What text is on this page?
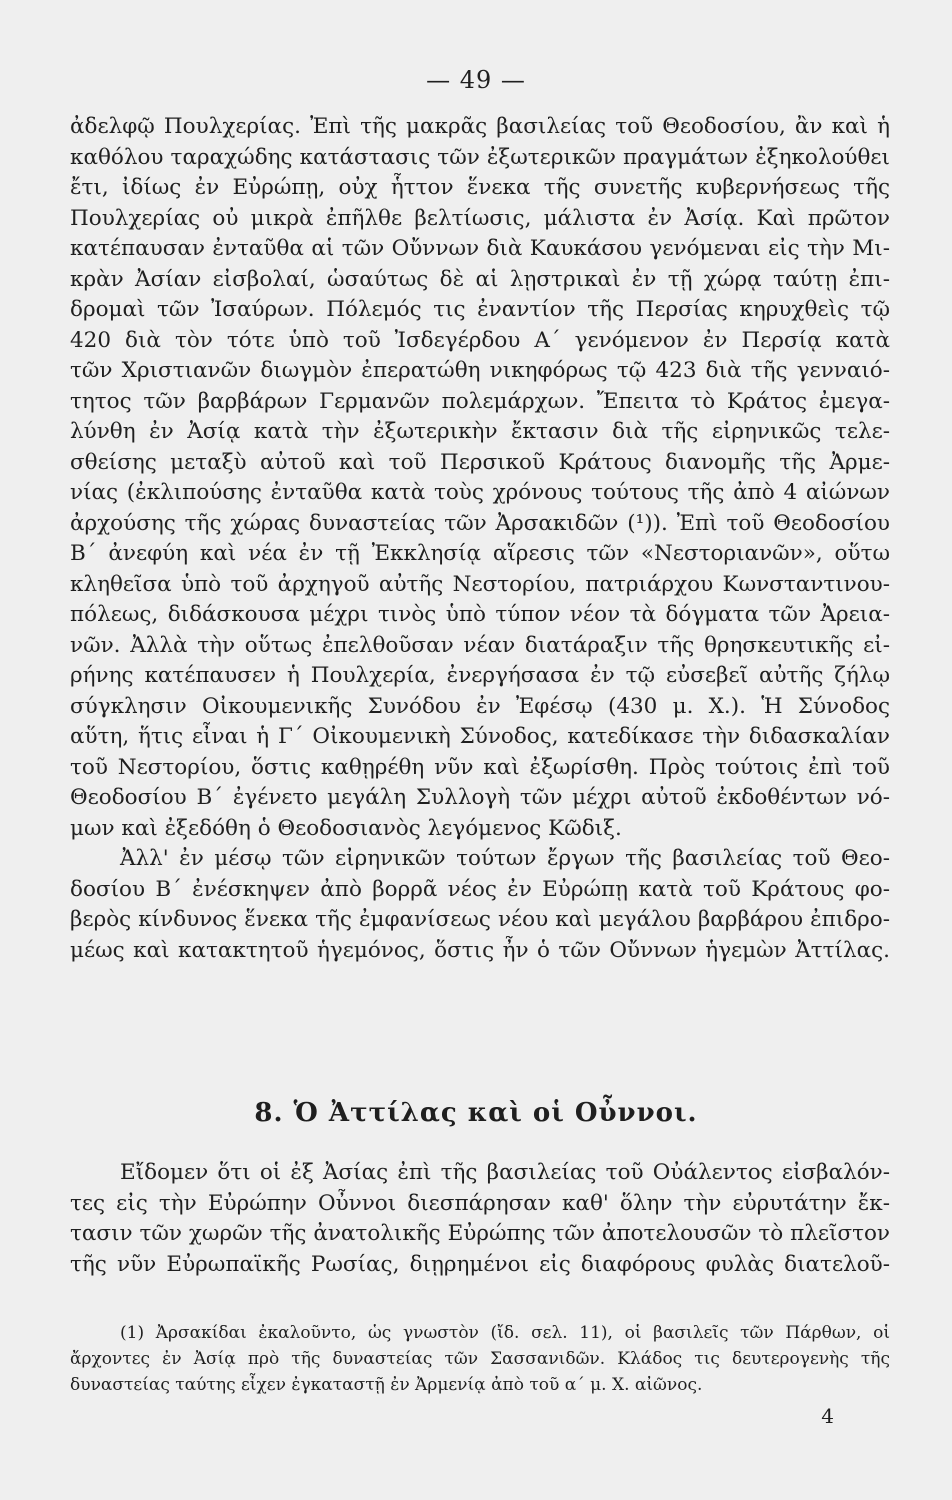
— 49 —
ἀδελφῷ Πουλχερίας. Ἐπὶ τῆς μακρᾶς βασιλείας τοῦ Θεοδοσίου, ἂν καὶ ἡ
καθόλου ταραχώδης κατάστασις τῶν ἐξωτερικῶν πραγμάτων ἐξηκολούθει
ἔτι, ἰδίως ἐν Εὐρώπῃ, οὐχ ἧττον ἕνεκα τῆς συνετῆς κυβερνήσεως τῆς
Πουλχερίας οὐ μικρὰ ἐπῆλθε βελτίωσις, μάλιστα ἐν Ἀσίᾳ. Καὶ πρῶτον
κατέπαυσαν ἐνταῦθα αἱ τῶν Οὔννων διὰ Καυκάσου γενόμεναι εἰς τὴν Μι-
κρὰν Ἀσίαν εἰσβολαί, ὡσαύτως δὲ αἱ λῃστρικαὶ ἐν τῇ χώρᾳ ταύτῃ ἐπι-
δρομαὶ τῶν Ἰσαύρων. Πόλεμός τις ἐναντίον τῆς Περσίας κηρυχθεὶς τῷ
420 διὰ τὸν τότε ὑπὸ τοῦ Ἰσδεγέρδου Α΄ γενόμενον ἐν Περσίᾳ κατὰ
τῶν Χριστιανῶν διωγμὸν ἐπερατώθη νικηφόρως τῷ 423 διὰ τῆς γενναιό-
τητος τῶν βαρβάρων Γερμανῶν πολεμάρχων. Ἔπειτα τὸ Κράτος ἐμεγα-
λύνθη ἐν Ἀσίᾳ κατὰ τὴν ἐξωτερικὴν ἔκτασιν διὰ τῆς εἰρηνικῶς τελε-
σθείσης μεταξὺ αὐτοῦ καὶ τοῦ Περσικοῦ Κράτους διανομῆς τῆς Ἀρμε-
νίας (ἐκλιπούσης ἐνταῦθα κατὰ τοὺς χρόνους τούτους τῆς ἀπὸ 4 αἰώνων
ἀρχούσης τῆς χώρας δυναστείας τῶν Ἀρσακιδῶν (¹)). Ἐπὶ τοῦ Θεοδοσίου
Β΄ ἀνεφύη καὶ νέα ἐν τῇ Ἐκκλησίᾳ αἵρεσις τῶν «Νεστοριανῶν», οὕτω
κληθεῖσα ὑπὸ τοῦ ἀρχηγοῦ αὐτῆς Νεστορίου, πατριάρχου Κωνσταντινου-
πόλεως, διδάσκουσα μέχρι τινὸς ὑπὸ τύπον νέον τὰ δόγματα τῶν Ἀρεια-
νῶν. Ἀλλὰ τὴν οὕτως ἐπελθοῦσαν νέαν διατάραξιν τῆς θρησκευτικῆς εἰ-
ρήνης κατέπαυσεν ἡ Πουλχερία, ἐνεργήσασα ἐν τῷ εὐσεβεῖ αὐτῆς ζήλῳ
σύγκλησιν Οἰκουμενικῆς Συνόδου ἐν Ἐφέσῳ (430 μ. Χ.). Ἡ Σύνοδος
αὕτη, ἥτις εἶναι ἡ Γ΄ Οἰκουμενικὴ Σύνοδος, κατεδίκασε τὴν διδασκαλίαν
τοῦ Νεστορίου, ὅστις καθῃρέθη νῦν καὶ ἐξωρίσθη. Πρὸς τούτοις ἐπὶ τοῦ
Θεοδοσίου Β΄ ἐγένετο μεγάλη Συλλογὴ τῶν μέχρι αὐτοῦ ἐκδοθέντων νό-
μων καὶ ἐξεδόθη ὁ Θεοδοσιανὸς λεγόμενος Κῶδιξ.
Ἀλλ' ἐν μέσῳ τῶν εἰρηνικῶν τούτων ἔργων τῆς βασιλείας τοῦ Θεο-
δοσίου Β΄ ἐνέσκηψεν ἀπὸ βορρᾶ νέος ἐν Εὐρώπῃ κατὰ τοῦ Κράτους φο-
βερὸς κίνδυνος ἕνεκα τῆς ἐμφανίσεως νέου καὶ μεγάλου βαρβάρου ἐπιδρο-
μέως καὶ κατακτητοῦ ἡγεμόνος, ὅστις ἦν ὁ τῶν Οὔννων ἡγεμὼν Ἀττίλας.
8. Ὁ Ἀττίλας καὶ οἱ Οὖννοι.
Εἴδομεν ὅτι οἱ ἐξ Ἀσίας ἐπὶ τῆς βασιλείας τοῦ Οὐάλεντος εἰσβαλόν-
τες εἰς τὴν Εὐρώπην Οὖννοι διεσπάρησαν καθ' ὅλην τὴν εὐρυτάτην ἔκ-
τασιν τῶν χωρῶν τῆς ἀνατολικῆς Εὐρώπης τῶν ἀποτελουσῶν τὸ πλεῖστον
τῆς νῦν Εὐρωπαϊκῆς Ρωσίας, διῃρημένοι εἰς διαφόρους φυλὰς διατελοῦ-
(1) Ἀρσακίδαι ἐκαλοῦντο, ὡς γνωστὸν (ἴδ. σελ. 11), οἱ βασιλεῖς τῶν Πάρθων, οἱ
ἄρχοντες ἐν Ἀσίᾳ πρὸ τῆς δυναστείας τῶν Σασσανιδῶν. Κλάδος τις δευτερογενὴς τῆς
δυναστείας ταύτης εἶχεν ἐγκαταστῇ ἐν Ἀρμενίᾳ ἀπὸ τοῦ α΄ μ. Χ. αἰῶνος.
4
